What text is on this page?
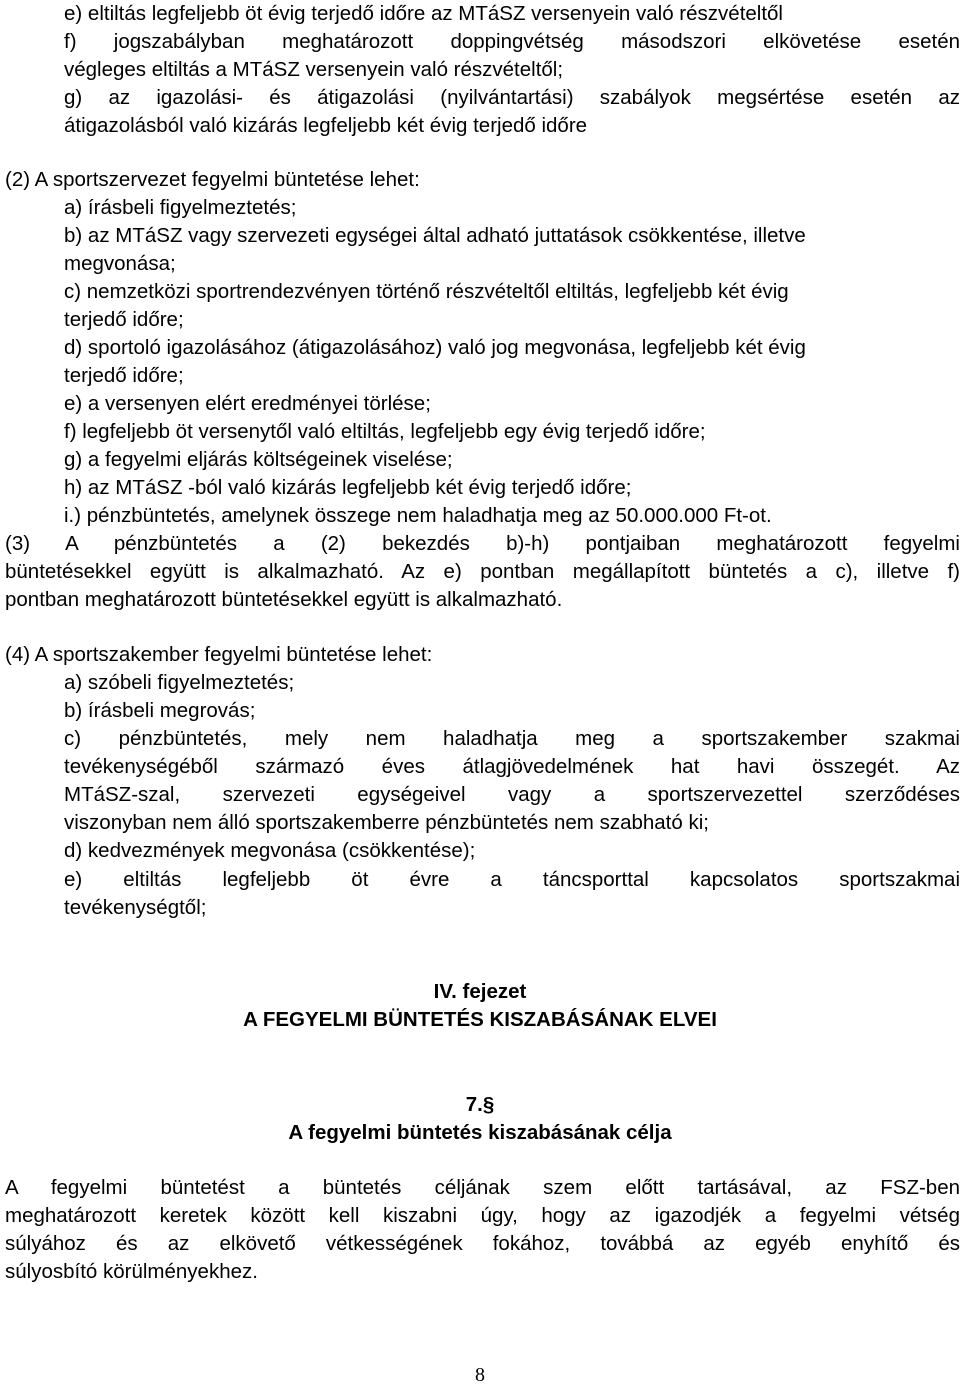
e) eltiltás legfeljebb öt évig terjedő időre az MTáSZ versenyein való részvételtől
f) jogszabályban meghatározott doppingvétség másodszori elkövetése esetén
végleges eltiltás a MTáSZ versenyein való részvételtől;
g) az igazolási- és átigazolási (nyilvántartási) szabályok megsértése esetén az
átigazolásból való kizárás legfeljebb két évig terjedő időre
(2) A sportszervezet fegyelmi büntetése lehet:
a) írásbeli figyelmeztetés;
b) az MTáSZ vagy szervezeti egységei által adható juttatások csökkentése, illetve
megvonása;
c) nemzetközi sportrendezvényen történő részvételtől eltiltás, legfeljebb két évig
terjedő időre;
d) sportoló igazolásához (átigazolásához) való jog megvonása, legfeljebb két évig
terjedő időre;
e) a versenyen elért eredményei törlése;
f) legfeljebb öt versenytől való eltiltás, legfeljebb egy évig terjedő időre;
g) a fegyelmi eljárás költségeinek viselése;
h) az MTáSZ -ból való kizárás legfeljebb két évig terjedő időre;
i.) pénzbüntetés, amelynek összege nem haladhatja meg az 50.000.000 Ft-ot.
(3) A pénzbüntetés a (2) bekezdés b)-h) pontjaiban meghatározott fegyelmi
büntetésekkel együtt is alkalmazható. Az e) pontban megállapított büntetés a c), illetve f)
pontban meghatározott büntetésekkel együtt is alkalmazható.
(4) A sportszakember fegyelmi büntetése lehet:
a) szóbeli figyelmeztetés;
b) írásbeli megrovás;
c) pénzbüntetés, mely nem haladhatja meg a sportszakember szakmai
tevékenységéből származó éves átlagjövedelmének hat havi összegét. Az
MTáSZ-szal, szervezeti egységeivel vagy a sportszervezettel szerződéses
viszonyban nem álló sportszakemberre pénzbüntetés nem szabható ki;
d) kedvezmények megvonása (csökkentése);
e) eltiltás legfeljebb öt évre a táncsporttal kapcsolatos sportszakmai
tevékenységtől;
IV. fejezet
A FEGYELMI BÜNTETÉS KISZABÁSÁNAK ELVEI
7.§
A fegyelmi büntetés kiszabásának célja
A fegyelmi büntetést a büntetés céljának szem előtt tartásával, az FSZ-ben
meghatározott keretek között kell kiszabni úgy, hogy az igazodjék a fegyelmi vétség
súlyához és az elkövető vétkességének fokához, továbbá az egyéb enyhítő és
súlyosbító körülményekhez.
8
